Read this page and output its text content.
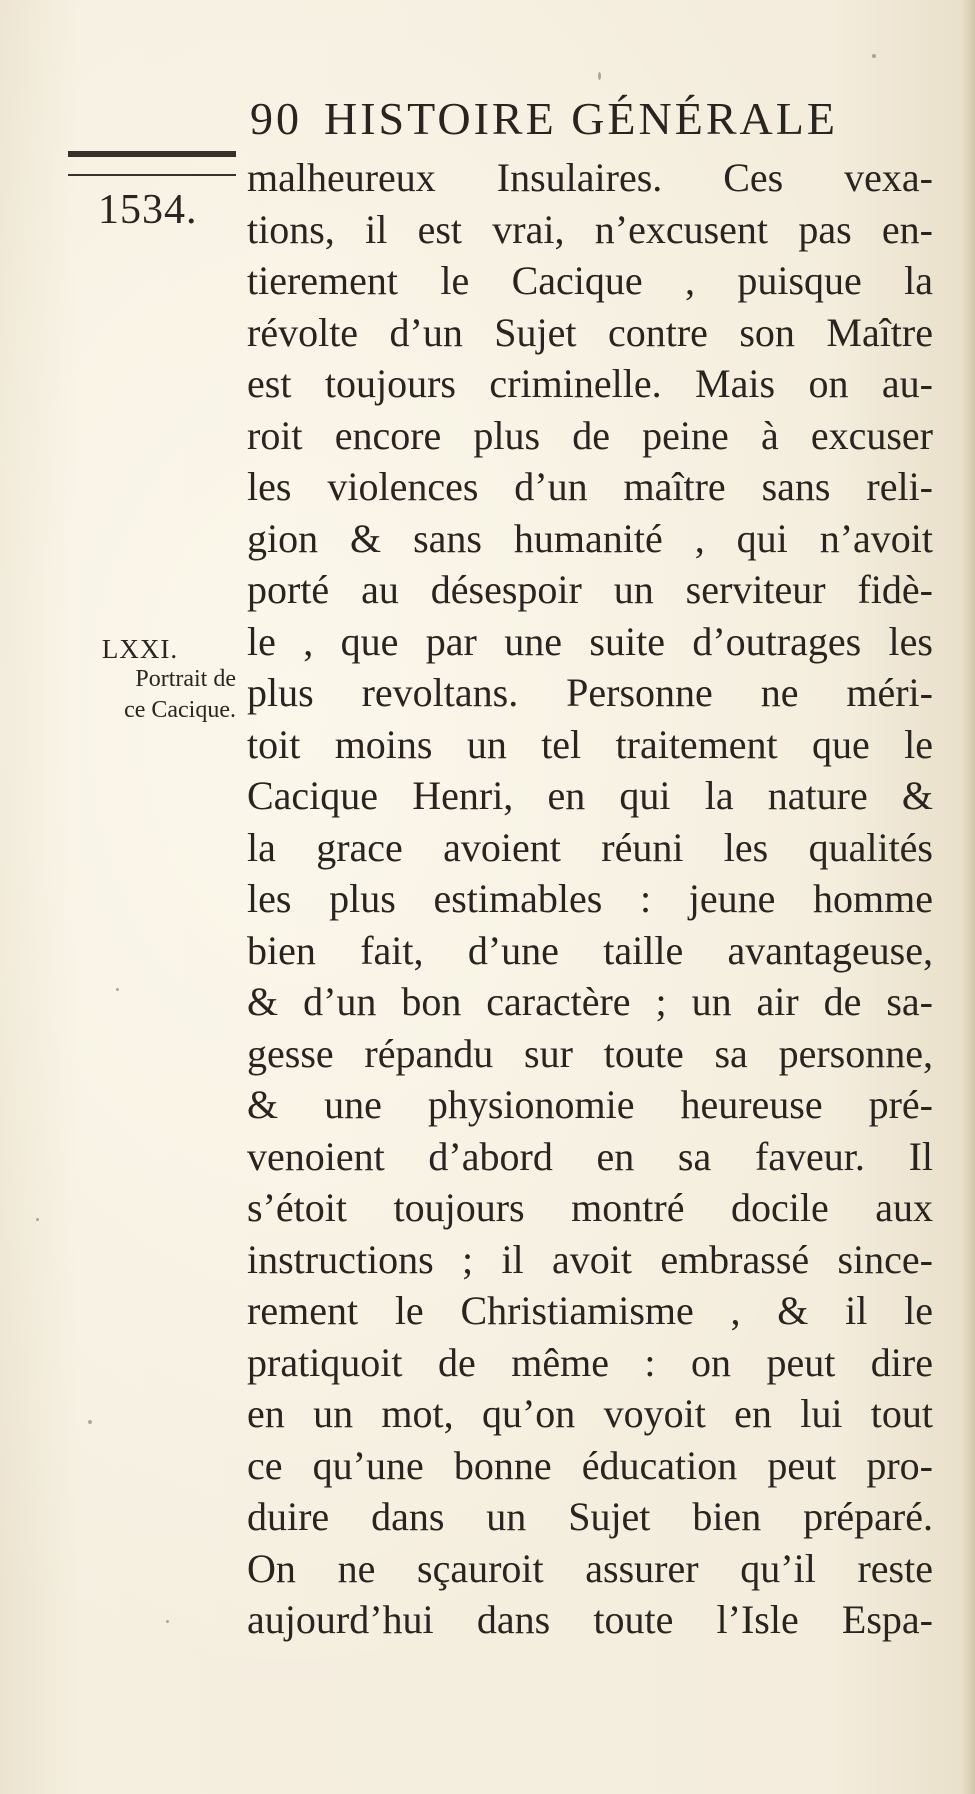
90 HISTOIRE GÉNÉRALE
1534.
LXXI.
Portrait de
ce Cacique.
malheureux Insulaires. Ces vexa-
tions, il est vrai, n’excusent pas en-
tierement le Cacique , puisque la
révolte d’un Sujet contre son Maître
est toujours criminelle. Mais on au-
roit encore plus de peine à excuser
les violences d’un maître sans reli-
gion & sans humanité , qui n’avoit
porté au désespoir un serviteur fidè-
le , que par une suite d’outrages les
plus revoltans. Personne ne méri-
toit moins un tel traitement que le
Cacique Henri, en qui la nature &
la grace avoient réuni les qualités
les plus estimables : jeune homme
bien fait, d’une taille avantageuse,
& d’un bon caractère ; un air de sa-
gesse répandu sur toute sa personne,
& une physionomie heureuse pré-
venoient d’abord en sa faveur. Il
s’étoit toujours montré docile aux
instructions ; il avoit embrassé since-
rement le Christiamisme , & il le
pratiquoit de même : on peut dire
en un mot, qu’on voyoit en lui tout
ce qu’une bonne éducation peut pro-
duire dans un Sujet bien préparé.
On ne sçauroit assurer qu’il reste
aujourd’hui dans toute l’Isle Espa-
